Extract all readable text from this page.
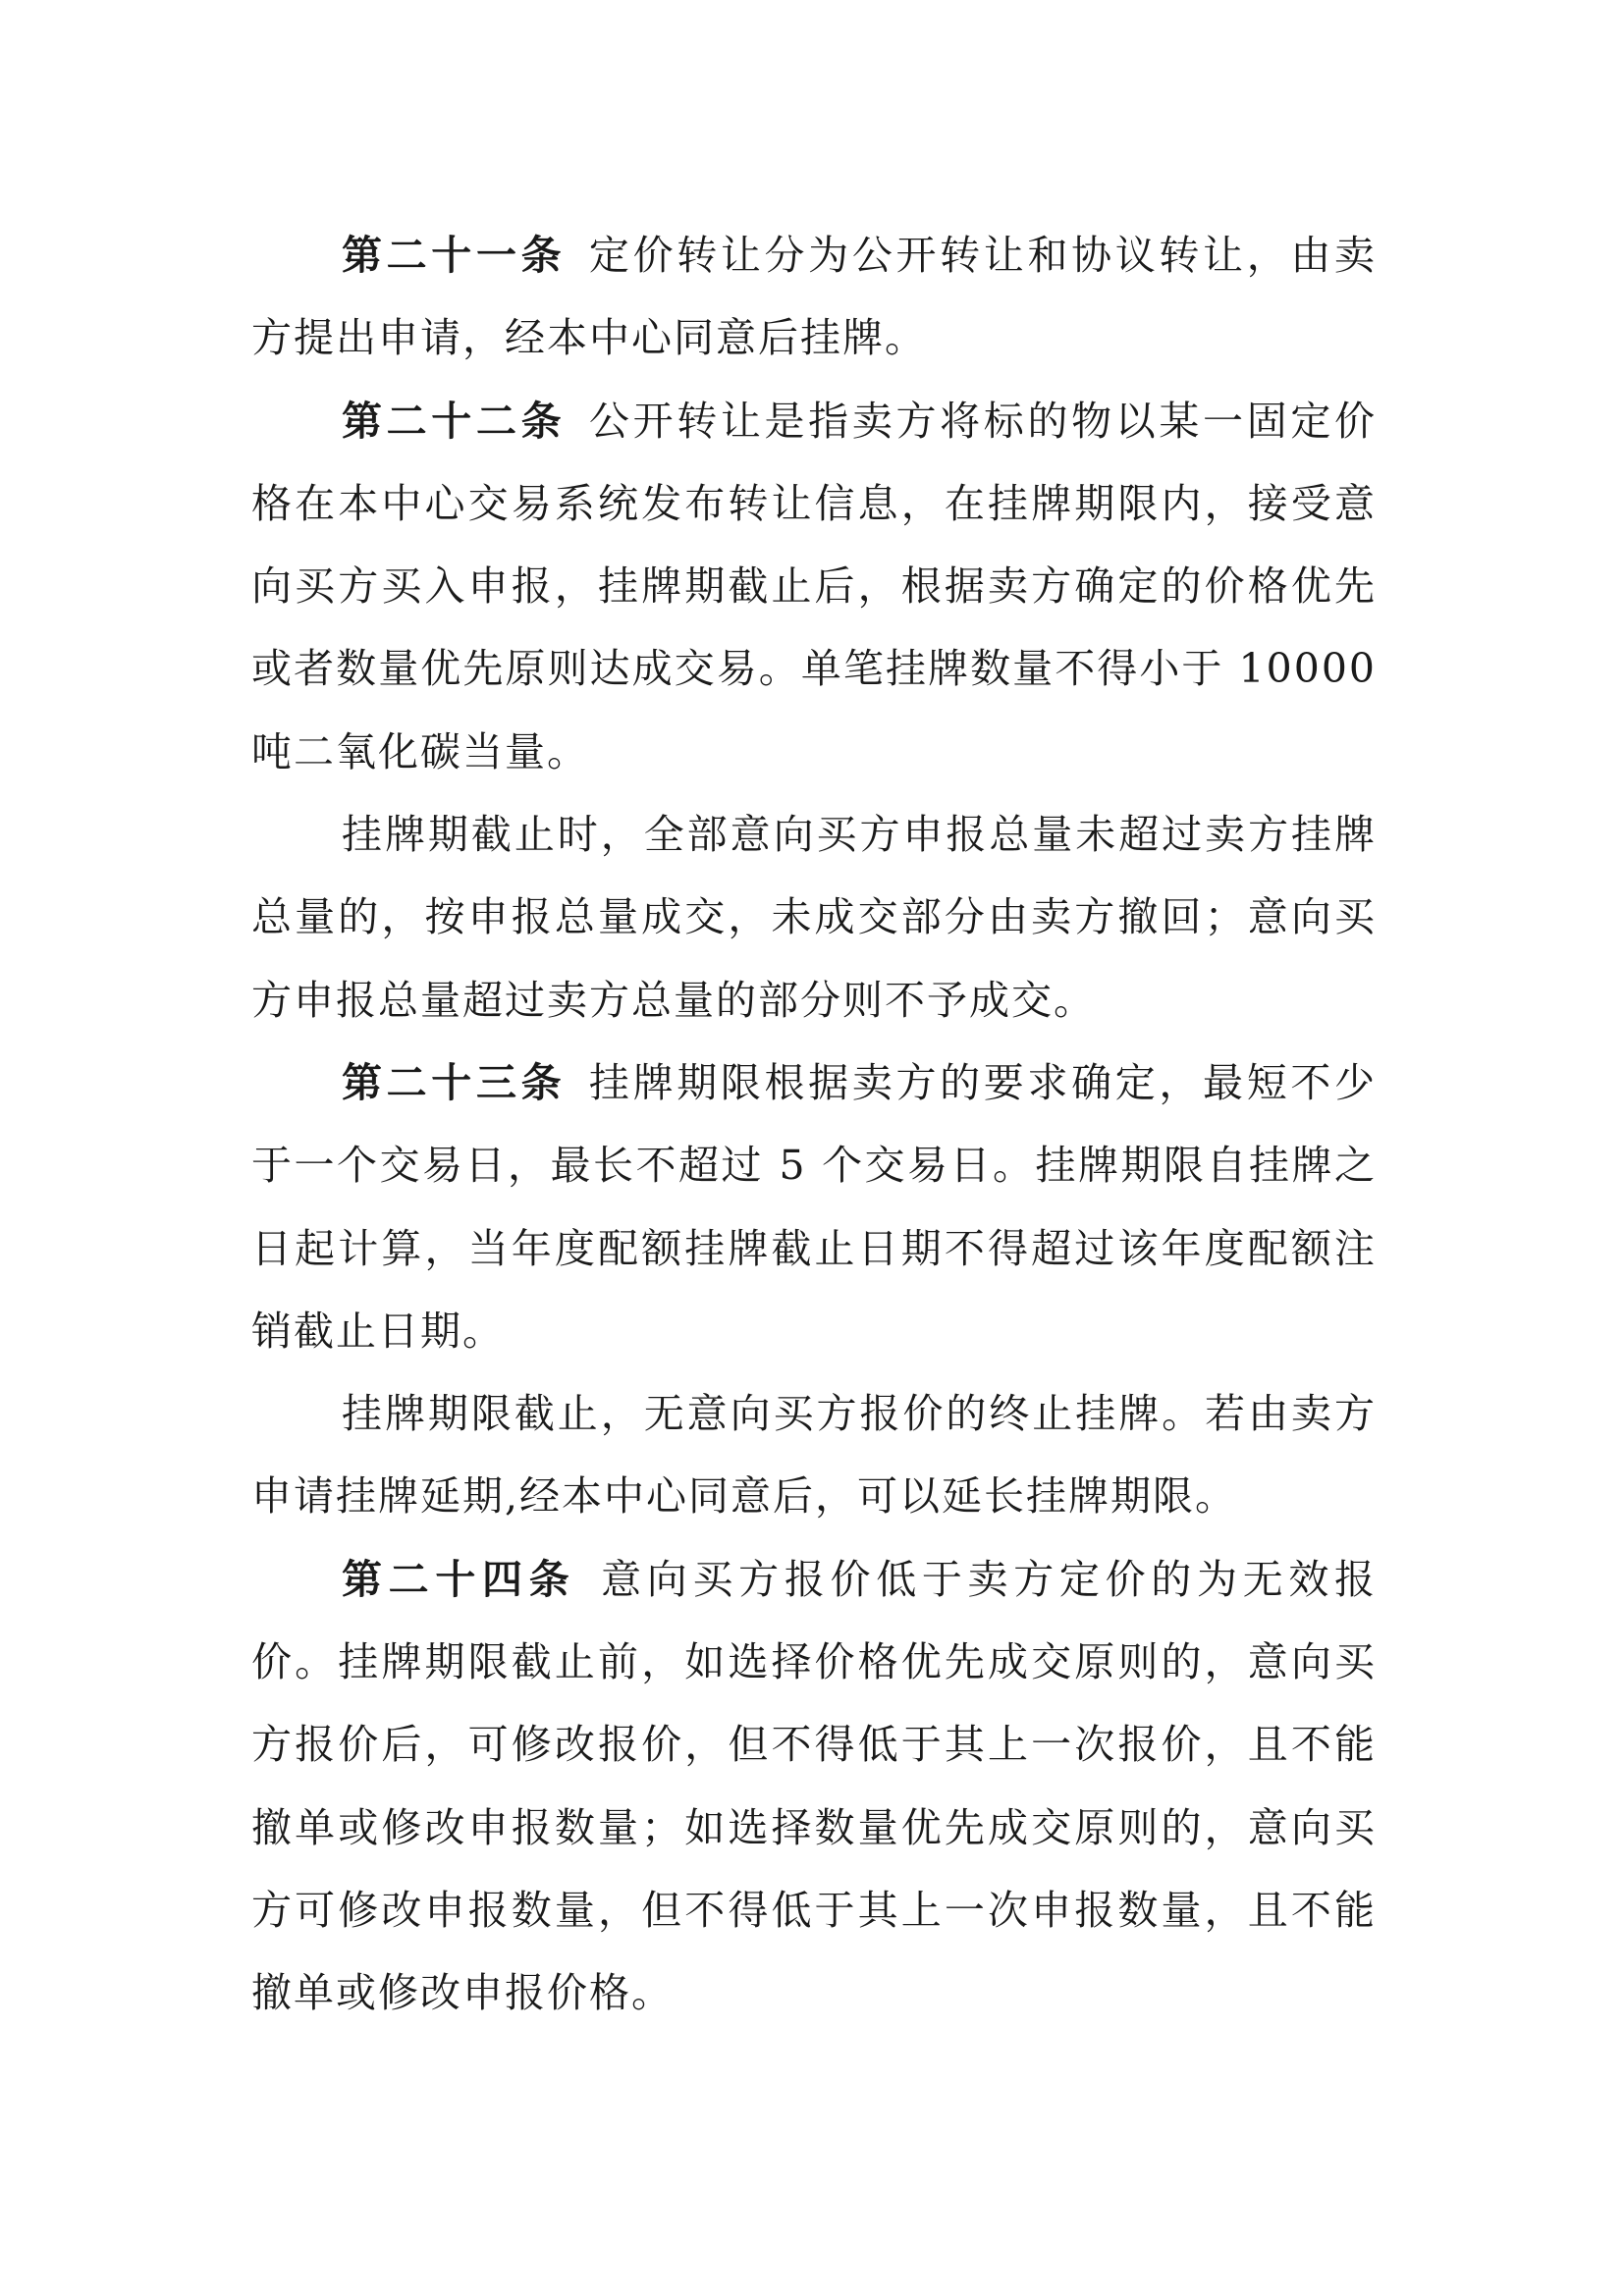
第二十一条 定价转让分为公开转让和协议转让，由卖方提出申请，经本中心同意后挂牌。

第二十二条 公开转让是指卖方将标的物以某一固定价格在本中心交易系统发布转让信息，在挂牌期限内，接受意向买方买入申报，挂牌期截止后，根据卖方确定的价格优先或者数量优先原则达成交易。单笔挂牌数量不得小于 10000 吨二氧化碳当量。

挂牌期截止时，全部意向买方申报总量未超过卖方挂牌总量的，按申报总量成交，未成交部分由卖方撤回；意向买方申报总量超过卖方总量的部分则不予成交。

第二十三条 挂牌期限根据卖方的要求确定，最短不少于一个交易日，最长不超过 5 个交易日。挂牌期限自挂牌之日起计算，当年度配额挂牌截止日期不得超过该年度配额注销截止日期。

挂牌期限截止，无意向买方报价的终止挂牌。若由卖方申请挂牌延期,经本中心同意后，可以延长挂牌期限。

第二十四条 意向买方报价低于卖方定价的为无效报价。挂牌期限截止前，如选择价格优先成交原则的，意向买方报价后，可修改报价，但不得低于其上一次报价，且不能撤单或修改申报数量；如选择数量优先成交原则的，意向买方可修改申报数量，但不得低于其上一次申报数量，且不能撤单或修改申报价格。
